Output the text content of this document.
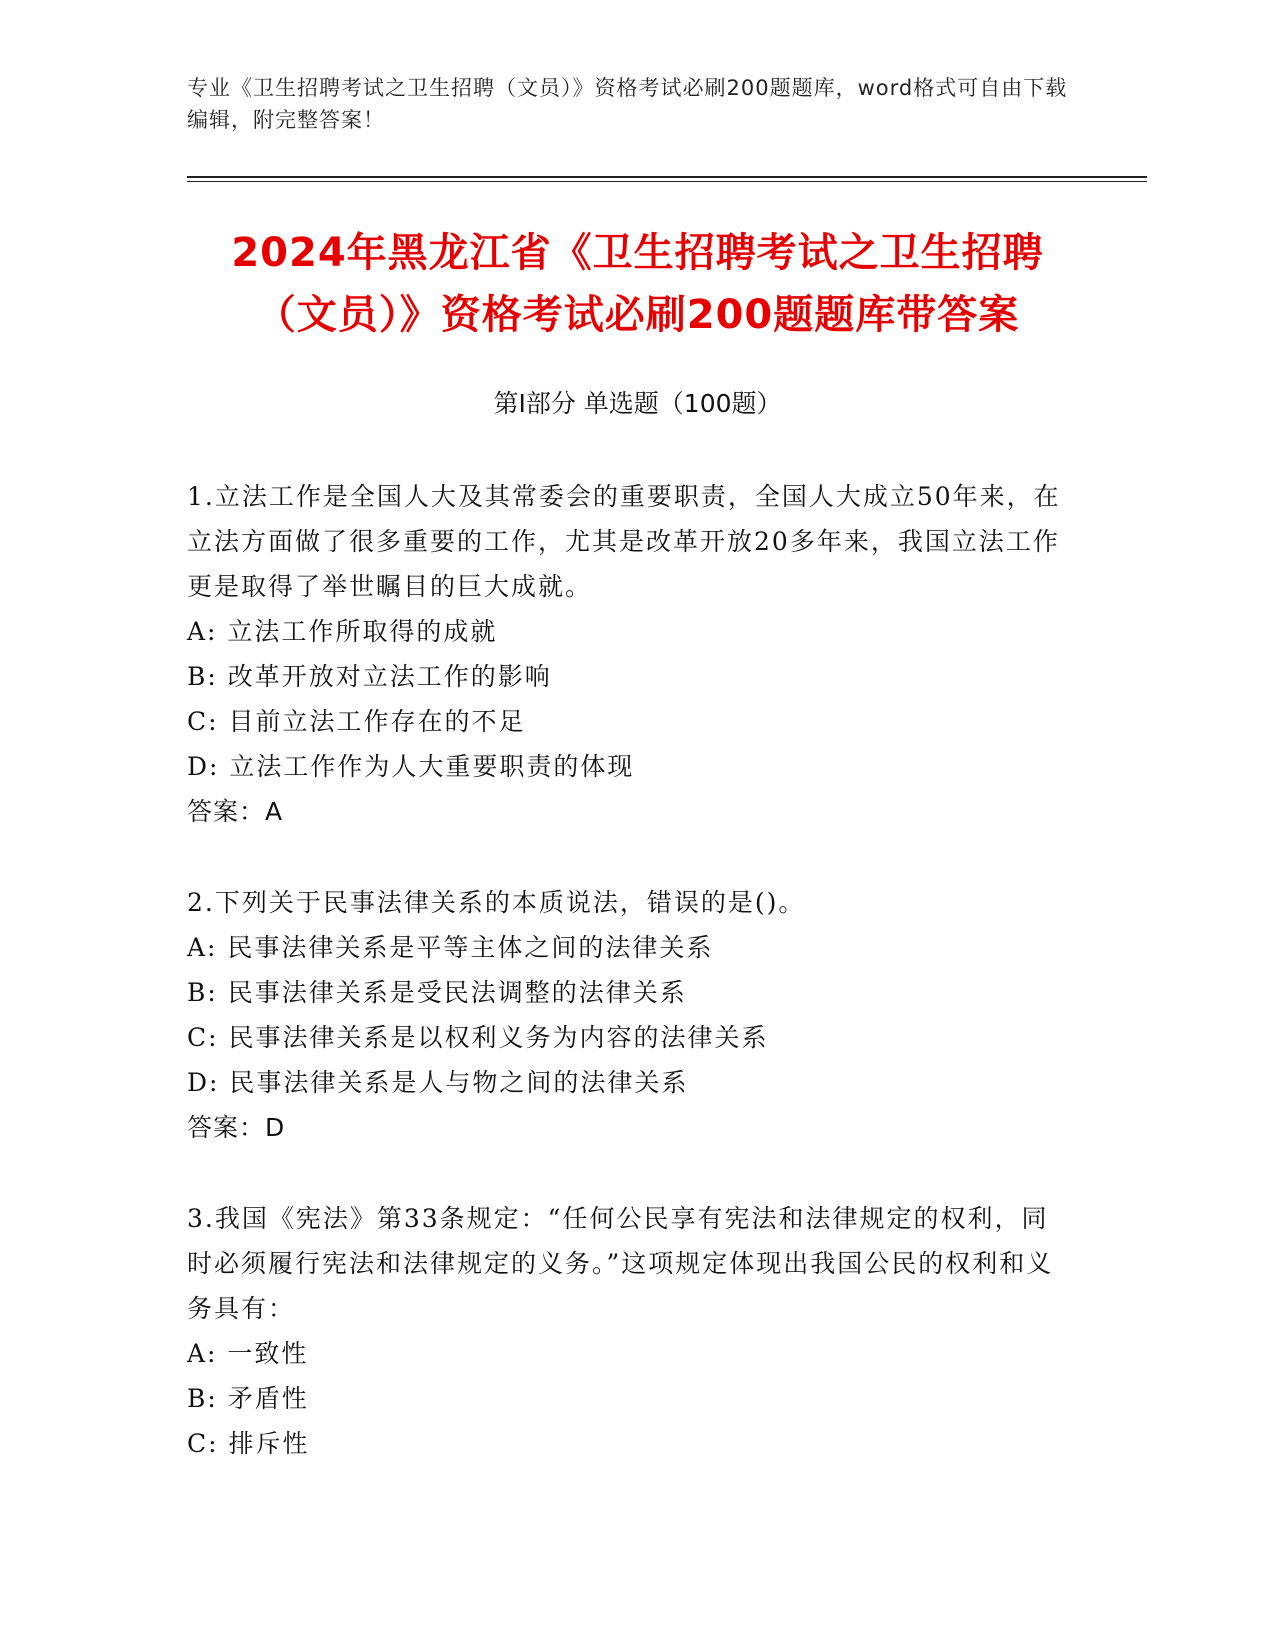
专业《卫生招聘考试之卫生招聘（文员）》资格考试必刷200题题库，word格式可自由下载编辑，附完整答案！
2024年黑龙江省《卫生招聘考试之卫生招聘
（文员）》资格考试必刷200题题库带答案
第Ⅰ部分 单选题（100题）

1.立法工作是全国人大及其常委会的重要职责，全国人大成立50年来，在立法方面做了很多重要的工作，尤其是改革开放20多年来，我国立法工作更是取得了举世瞩目的巨大成就。

A: 立法工作所取得的成就

B: 改革开放对立法工作的影响

C: 目前立法工作存在的不足

D: 立法工作作为人大重要职责的体现

答案：A

2.下列关于民事法律关系的本质说法，错误的是()。

A: 民事法律关系是平等主体之间的法律关系

B: 民事法律关系是受民法调整的法律关系

C: 民事法律关系是以权利义务为内容的法律关系

D: 民事法律关系是人与物之间的法律关系

答案：D

3.我国《宪法》第33条规定：“任何公民享有宪法和法律规定的权利，同时必须履行宪法和法律规定的义务。”这项规定体现出我国公民的权利和义务具有：

A: 一致性

B: 矛盾性

C: 排斥性
